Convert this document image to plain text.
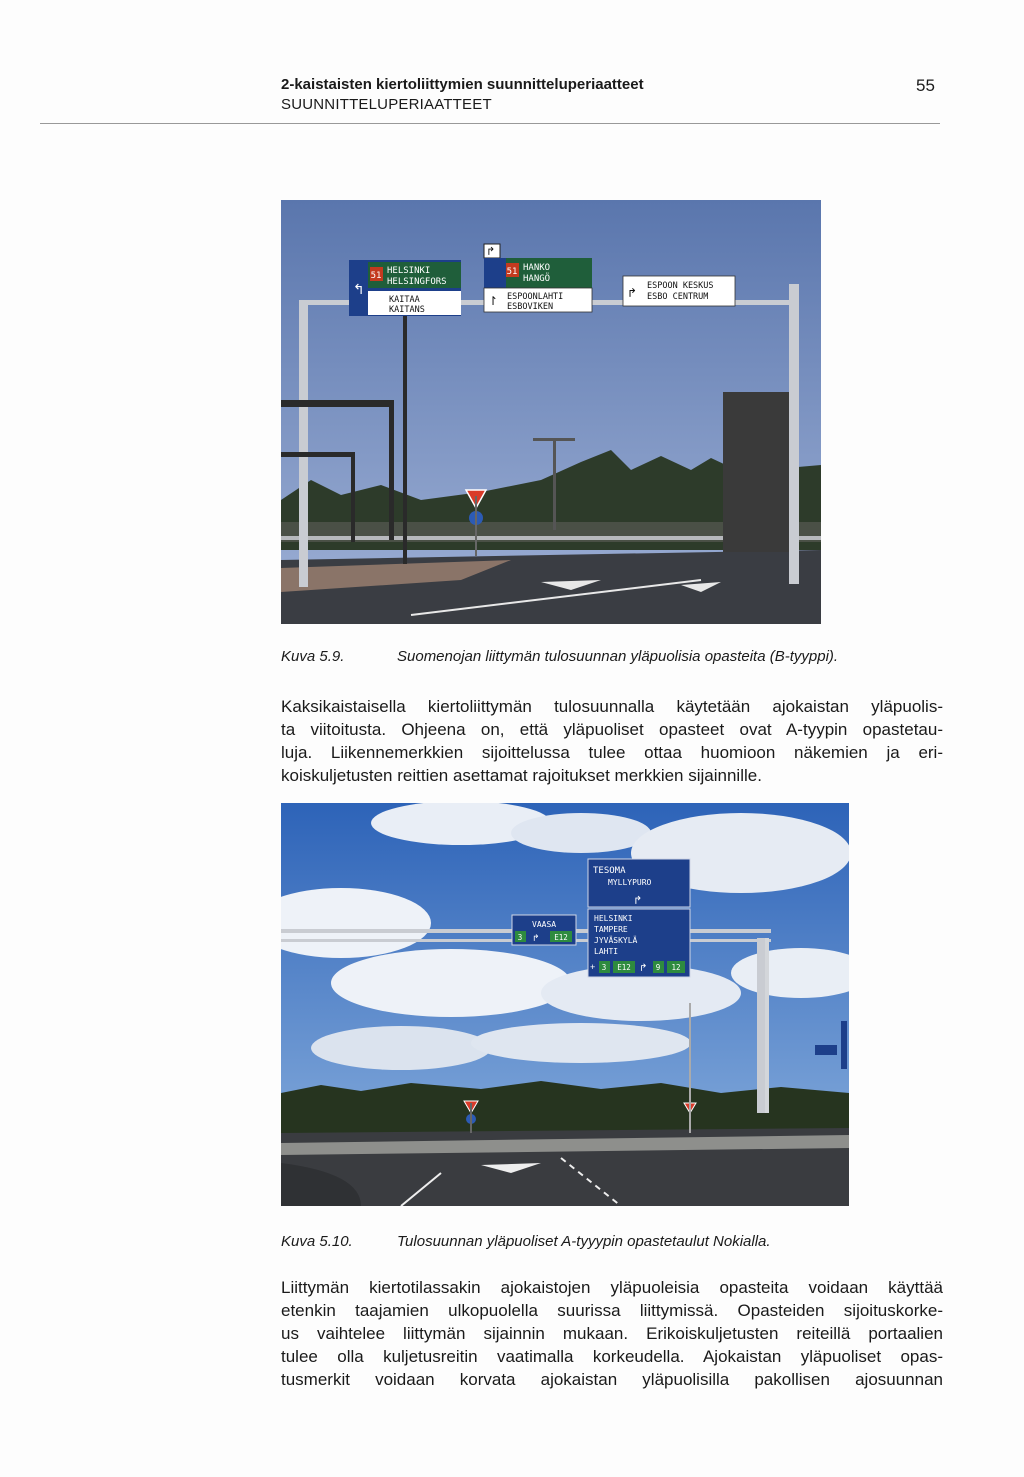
2-kaistaisten kiertoliittymien suunnitteluperiaatteet
SUUNNITTELUPERIAATTEET
55
51 HELSINKI
HELSINGFORS
KAITAA
KAITANS
↰
↱
51 HANKO
HANGÖ
↾ ESPOONLAHTI
ESBOVIKEN
↱ ESPOON KESKUS
ESBO CENTRUM
Kuva 5.9.	Suomenojan liittymän tulosuunnan yläpuolisia opasteita (B-tyyppi).
Kaksikaistaisella kiertoliittymän tulosuunnalla käytetään ajokaistan yläpuolis-
ta viitoitusta. Ohjeena on, että yläpuoliset opasteet ovat A-tyypin opastetau-
luja. Liikennemerkkien sijoittelussa tulee ottaa huomioon näkemien ja eri-
koiskuljetusten reittien asettamat rajoitukset merkkien sijainnille.
TESOMA
MYLLYPURO
↱
VAASA
3 ↱ E12
HELSINKI
TAMPERE
JYVÄSKYLÄ
LAHTI
+ 3 E12 ↱ 9 12
Kuva 5.10.	Tulosuunnan yläpuoliset A-tyyypin opastetaulut Nokialla.
Liittymän kiertotilassakin ajokaistojen yläpuoleisia opasteita voidaan käyttää
etenkin taajamien ulkopuolella suurissa liittymissä. Opasteiden sijoituskorke-
us vaihtelee liittymän sijainnin mukaan. Erikoiskuljetusten reiteillä portaalien
tulee olla kuljetusreitin vaatimalla korkeudella. Ajokaistan yläpuoliset opas-
tusmerkit voidaan korvata ajokaistan yläpuolisilla pakollisen ajosuunnan
